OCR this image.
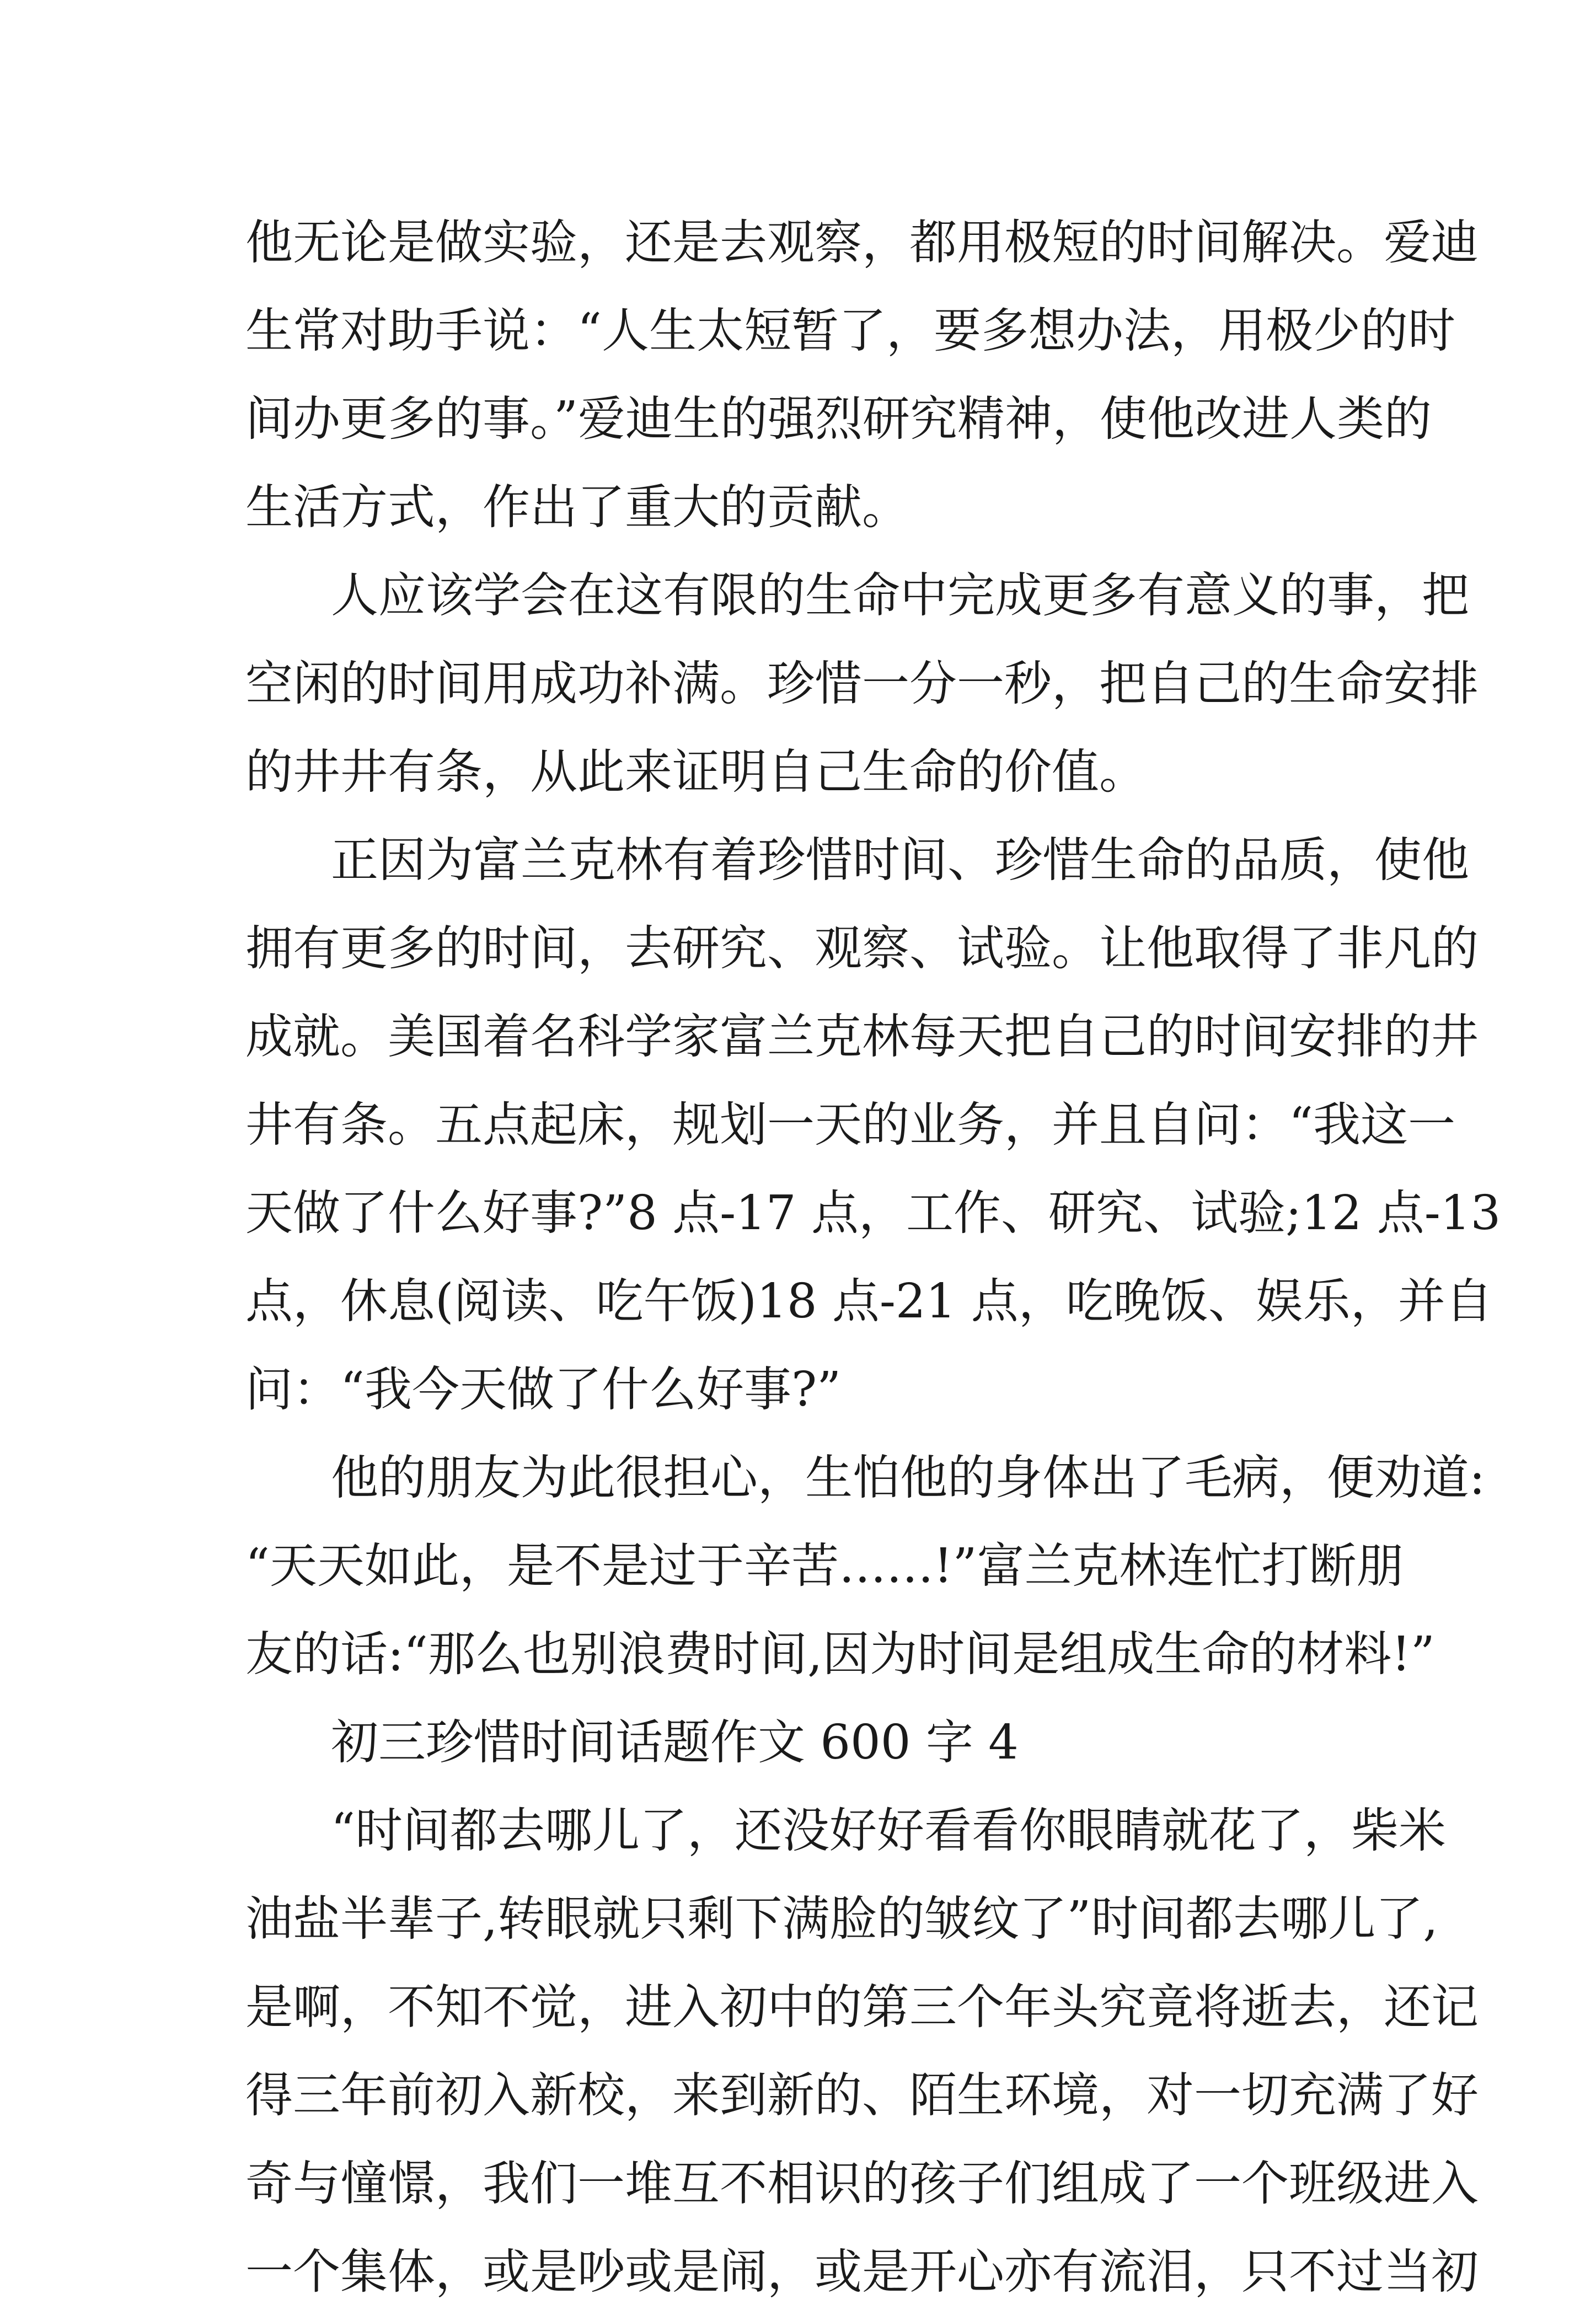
他无论是做实验，还是去观察，都用极短的时间解决。爱迪
生常对助手说：“人生太短暂了，要多想办法，用极少的时
间办更多的事。”爱迪生的强烈研究精神，使他改进人类的
生活方式，作出了重大的贡献。
人应该学会在这有限的生命中完成更多有意义的事，把
空闲的时间用成功补满。珍惜一分一秒，把自己的生命安排
的井井有条，从此来证明自己生命的价值。
正因为富兰克林有着珍惜时间、珍惜生命的品质，使他
拥有更多的时间，去研究、观察、试验。让他取得了非凡的
成就。美国着名科学家富兰克林每天把自己的时间安排的井
井有条。五点起床，规划一天的业务，并且自问：“我这一
天做了什么好事?”8 点-17 点，工作、研究、试验;12 点-13
点，休息(阅读、吃午饭)18 点-21 点，吃晚饭、娱乐，并自
问：“我今天做了什么好事?”
他的朋友为此很担心，生怕他的身体出了毛病，便劝道:
“天天如此，是不是过于辛苦……!”富兰克林连忙打断朋
友的话:“那么也别浪费时间,因为时间是组成生命的材料!”
初三珍惜时间话题作文 600 字 4
“时间都去哪儿了，还没好好看看你眼睛就花了，柴米
油盐半辈子,转眼就只剩下满脸的皱纹了”时间都去哪儿了,
是啊，不知不觉，进入初中的第三个年头究竟将逝去，还记
得三年前初入新校，来到新的、陌生环境，对一切充满了好
奇与憧憬，我们一堆互不相识的孩子们组成了一个班级进入
一个集体，或是吵或是闹，或是开心亦有流泪，只不过当初
